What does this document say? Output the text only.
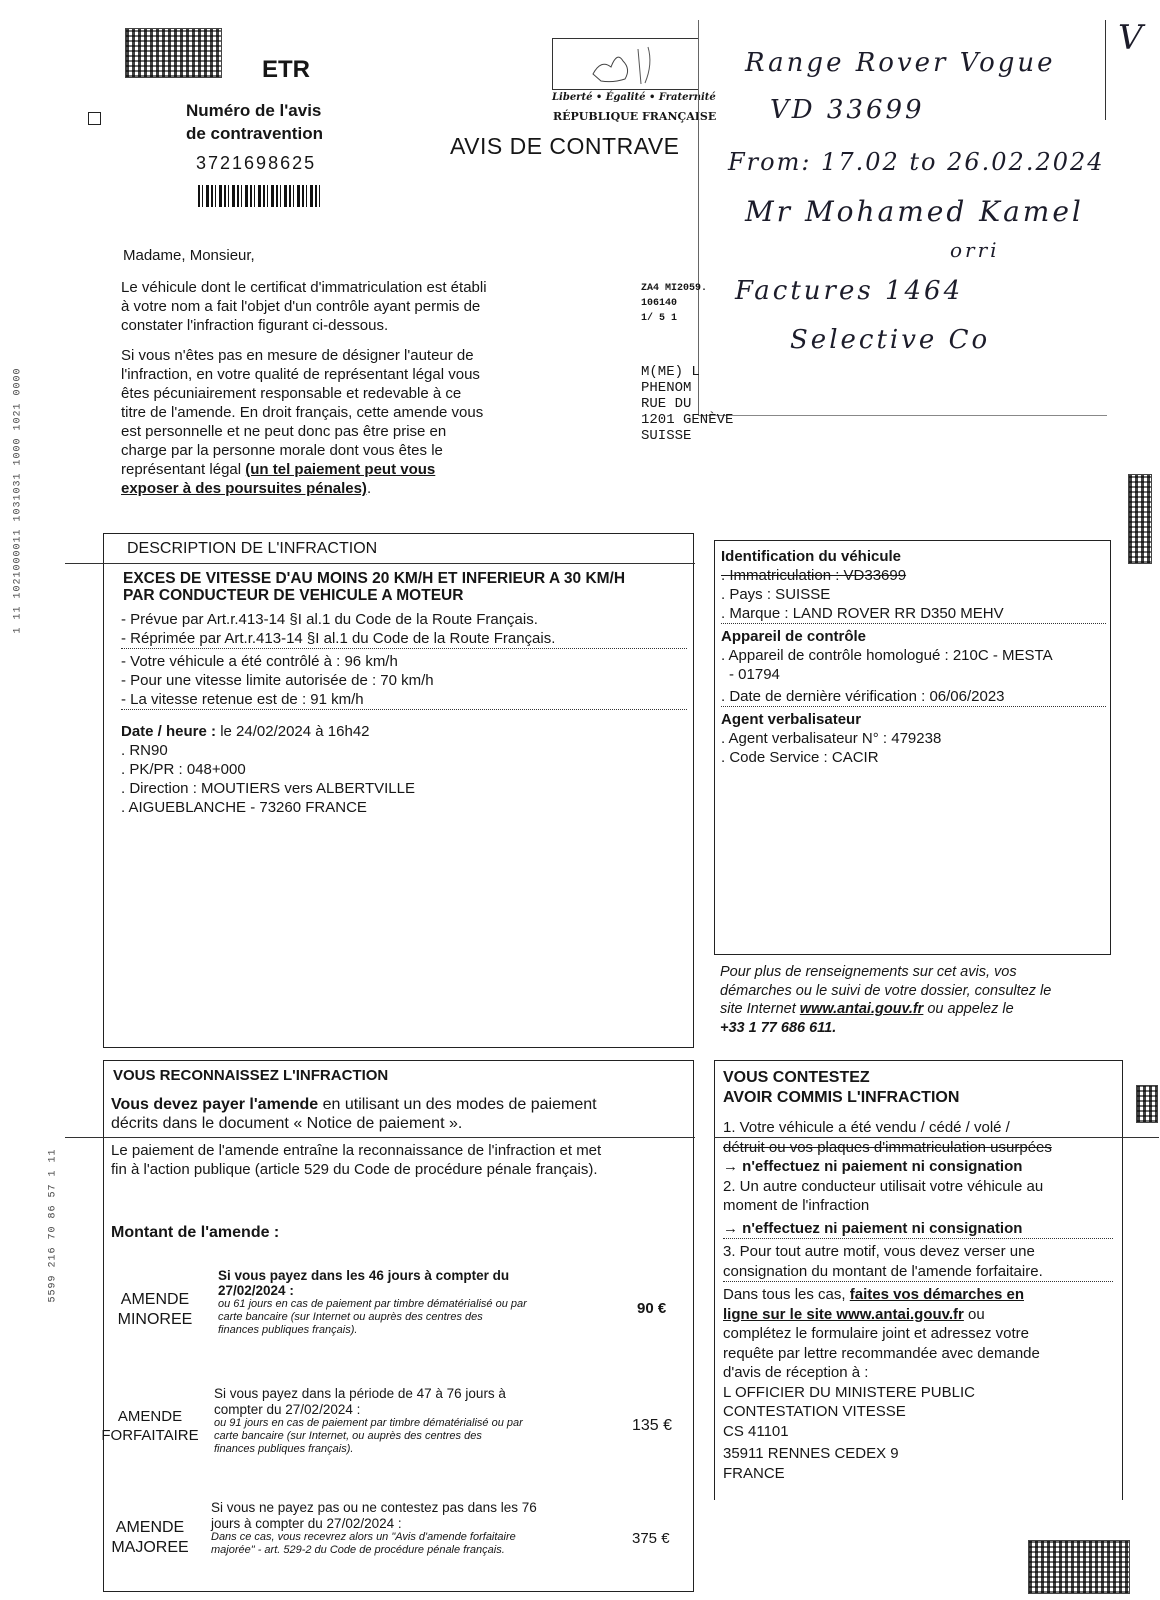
ETR
Numéro de l'avis
de contravention
3721698625
Liberté • Égalité • Fraternité
RÉPUBLIQUE FRANÇAISE
AVIS DE CONTRAVE
V
Range Rover Vogue
VD 33699
From: 17.02 to 26.02.2024
Mr Mohamed Kamel
orri
Factures 1464
Selective Co
1 11 1021000011 1031031 1000 1021 0000
5599 216 70 86 57 1 11
Madame, Monsieur,
Le véhicule dont le certificat d'immatriculation est établi
à votre nom a fait l'objet d'un contrôle ayant permis de
constater l'infraction figurant ci-dessous.
Si vous n'êtes pas en mesure de désigner l'auteur de
l'infraction, en votre qualité de représentant légal vous
êtes pécuniairement responsable et redevable à ce
titre de l'amende. En droit français, cette amende vous
est personnelle et ne peut donc pas être prise en
charge par la personne morale dont vous êtes le
représentant légal (un tel paiement peut vous
exposer à des poursuites pénales).
ZA4 MI2059.
106140
1/ 5 1
M(ME) L
PHENOM
RUE DU
1201 GENÈVE
SUISSE
DESCRIPTION DE L'INFRACTION
EXCES DE VITESSE D'AU MOINS 20 KM/H ET INFERIEUR A 30 KM/H
PAR CONDUCTEUR DE VEHICULE A MOTEUR
- Prévue par Art.r.413-14 §I al.1 du Code de la Route Français.
- Réprimée par Art.r.413-14 §I al.1 du Code de la Route Français.
- Votre véhicule a été contrôlé à : 96 km/h
- Pour une vitesse limite autorisée de : 70 km/h
- La vitesse retenue est de : 91 km/h
Date / heure : le 24/02/2024 à 16h42
. RN90
. PK/PR : 048+000
. Direction : MOUTIERS vers ALBERTVILLE
. AIGUEBLANCHE - 73260 FRANCE
Identification du véhicule
. Immatriculation : VD33699
. Pays : SUISSE
. Marque : LAND ROVER RR D350 MEHV
Appareil de contrôle
. Appareil de contrôle homologué : 210C - MESTA
- 01794
. Date de dernière vérification : 06/06/2023
Agent verbalisateur
. Agent verbalisateur N° : 479238
. Code Service : CACIR
Pour plus de renseignements sur cet avis, vos
démarches ou le suivi de votre dossier, consultez le
site Internet www.antai.gouv.fr ou appelez le
+33 1 77 686 611.
VOUS RECONNAISSEZ L'INFRACTION
Vous devez payer l'amende en utilisant un des modes de paiement
décrits dans le document « Notice de paiement ».
Le paiement de l'amende entraîne la reconnaissance de l'infraction et met
fin à l'action publique (article 529 du Code de procédure pénale français).
Montant de l'amende :
AMENDE
MINOREE
Si vous payez dans les 46 jours à compter du
27/02/2024 :
ou 61 jours en cas de paiement par timbre dématérialisé ou par
carte bancaire (sur Internet ou auprès des centres des
finances publiques français).
90 €
AMENDE
FORFAITAIRE
Si vous payez dans la période de 47 à 76 jours à
compter du 27/02/2024 :
ou 91 jours en cas de paiement par timbre dématérialisé ou par
carte bancaire (sur Internet, ou auprès des centres des
finances publiques français).
135 €
AMENDE
MAJOREE
Si vous ne payez pas ou ne contestez pas dans les 76
jours à compter du 27/02/2024 :
Dans ce cas, vous recevrez alors un "Avis d'amende forfaitaire
majorée" - art. 529-2 du Code de procédure pénale français.
375 €
VOUS CONTESTEZ
AVOIR COMMIS L'INFRACTION
1. Votre véhicule a été vendu / cédé / volé /
détruit ou vos plaques d'immatriculation usurpées
→ n'effectuez ni paiement ni consignation
2. Un autre conducteur utilisait votre véhicule au
moment de l'infraction
→ n'effectuez ni paiement ni consignation
3. Pour tout autre motif, vous devez verser une
consignation du montant de l'amende forfaitaire.
Dans tous les cas, faites vos démarches en
ligne sur le site www.antai.gouv.fr ou
complétez le formulaire joint et adressez votre
requête par lettre recommandée avec demande
d'avis de réception à :
L OFFICIER DU MINISTERE PUBLIC
CONTESTATION VITESSE
CS 41101
35911 RENNES CEDEX 9
FRANCE
